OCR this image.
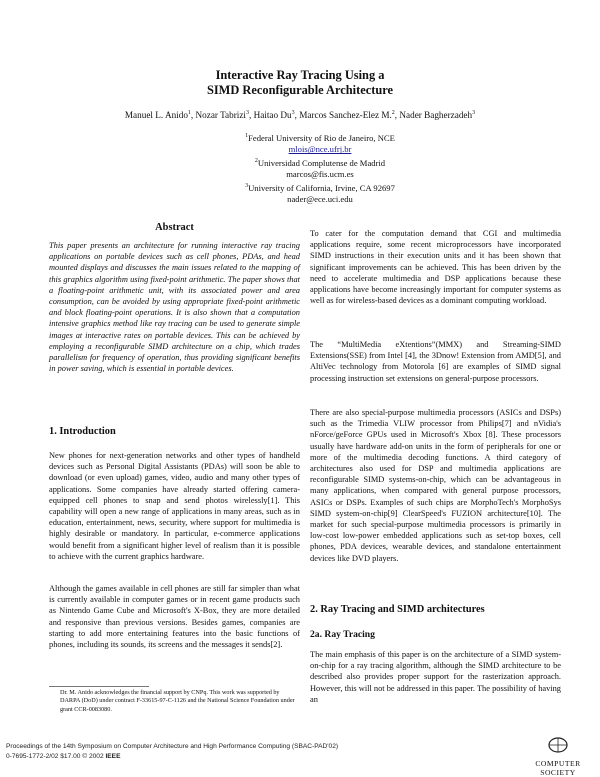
Interactive Ray Tracing Using a
SIMD Reconfigurable Architecture
Manuel L. Anido$^1$, Nozar Tabrizi$^3$, Haitao Du$^3$, Marcos Sanchez-Elez M.$^2$, Nader Bagherzadeh$^3$
$^1$Federal University of Rio de Janeiro, NCE
mlois@nce.ufrj.br
$^2$Universidad Complutense de Madrid
marcos@fis.ucm.es
$^3$University of California, Irvine, CA 92697
nader@ece.uci.edu
Abstract

This paper presents an architecture for running interactive ray tracing applications on portable devices such as cell phones, PDAs, and head mounted displays and discusses the main issues related to the mapping of this graphics algorithm using fixed-point arithmetic. The paper shows that a floating-point arithmetic unit, with its associated power and area consumption, can be avoided by using appropriate fixed-point arithmetic and block floating-point operations. It is also shown that a computation intensive graphics method like ray tracing can be used to generate simple images at interactive rates on portable devices. This can be achieved by employing a reconfigurable SIMD architecture on a chip, which trades parallelism for frequency of operation, thus providing significant benefits in power saving, which is essential in portable devices.

1. Introduction

New phones for next-generation networks and other types of handheld devices such as Personal Digital Assistants (PDAs) will soon be able to download (or even upload) games, video, audio and many other types of applications. Some companies have already started offering camera-equipped cell phones to snap and send photos wirelessly[1]. This capability will open a new range of applications in many areas, such as in education, entertainment, news, security, where support for multimedia is highly desirable or mandatory. In particular, e-commerce applications would benefit from a significant higher level of realism than it is possible to achieve with the current graphics hardware.

Although the games available in cell phones are still far simpler than what is currently available in computer games or in recent game products such as Nintendo Game Cube and Microsoft's X-Box, they are more detailed and responsive than previous versions. Besides games, companies are starting to add more entertaining features into the basic functions of phones, including its sounds, its screens and the messages it sends[2].

Dr. M. Anido acknowledges the financial support by CNPq. This work was supported by DARPA (DoD) under contract F-33615-97-C-1126 and the National Science Foundation under grant CCR-0083080.

To cater for the computation demand that CGI and multimedia applications require, some recent microprocessors have incorporated SIMD instructions in their execution units and it has been shown that significant improvements can be achieved. This has been driven by the need to accelerate multimedia and DSP applications because these applications have become increasingly important for computer systems as well as for wireless-based devices as a dominant computing workload.

The “MultiMedia eXtentions”(MMX) and Streaming-SIMD Extensions(SSE) from Intel [4], the 3Dnow! Extension from AMD[5], and AltiVec technology from Motorola [6] are examples of SIMD signal processing instruction set extensions on general-purpose processors.

There are also special-purpose multimedia processors (ASICs and DSPs) such as the Trimedia VLIW processor from Philips[7] and nVidia's nForce/geForce GPUs used in Microsoft's Xbox [8]. These processors usually have hardware add-on units in the form of peripherals for one or more of the multimedia decoding functions. A third category of architectures also used for DSP and multimedia applications are reconfigurable SIMD systems-on-chip, which can be advantageous in many applications, when compared with general purpose processors, ASICs or DSPs. Examples of such chips are MorphoTech's MorphoSys SIMD system-on-chip[9] ClearSpeed's FUZION architecture[10]. The market for such special-purpose multimedia processors is primarily in low-cost low-power embedded applications such as set-top boxes, cell phones, PDA devices, wearable devices, and standalone entertainment devices like DVD players.

2. Ray Tracing and SIMD architectures
2a. Ray Tracing

The main emphasis of this paper is on the architecture of a SIMD system-on-chip for a ray tracing algorithm, although the SIMD architecture to be described also provides proper support for the rasterization approach. However, this will not be addressed in this paper. The possibility of having an

Proceedings of the 14th Symposium on Computer Architecture and High Performance Computing (SBAC-PAD'02)
0-7695-1772-2/02 $17.00 © 2002 IEEE
COMPUTER
SOCIETY
